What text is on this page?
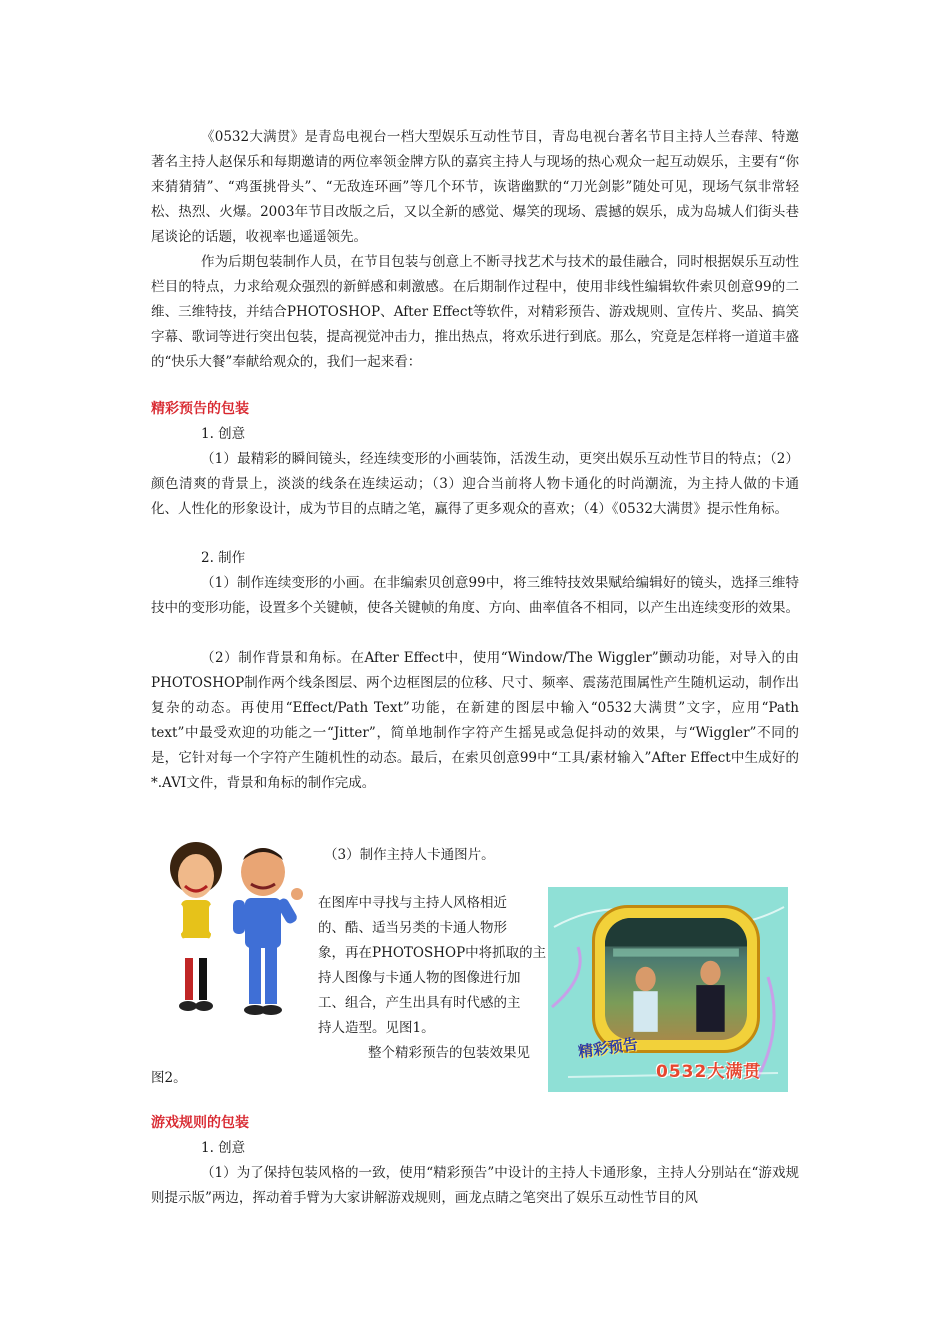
《0532大满贯》是青岛电视台一档大型娱乐互动性节目，青岛电视台著名节目主持人兰春萍、特邀著名主持人赵保乐和每期邀请的两位率领金牌方队的嘉宾主持人与现场的热心观众一起互动娱乐，主要有“你来猜猜猜”、“鸡蛋挑骨头”、“无敌连环画”等几个环节，诙谐幽默的“刀光剑影”随处可见，现场气氛非常轻松、热烈、火爆。2003年节目改版之后，又以全新的感觉、爆笑的现场、震撼的娱乐，成为岛城人们街头巷尾谈论的话题，收视率也遥遥领先。

作为后期包装制作人员，在节目包装与创意上不断寻找艺术与技术的最佳融合，同时根据娱乐互动性栏目的特点，力求给观众强烈的新鲜感和刺激感。在后期制作过程中，使用非线性编辑软件索贝创意99的二维、三维特技，并结合PHOTOSHOP、After Effect等软件，对精彩预告、游戏规则、宣传片、奖品、搞笑字幕、歌词等进行突出包装，提高视觉冲击力，推出热点，将欢乐进行到底。那么，究竟是怎样将一道道丰盛的“快乐大餐”奉献给观众的，我们一起来看：

精彩预告的包装

1. 创意

（1）最精彩的瞬间镜头，经连续变形的小画装饰，活泼生动，更突出娱乐互动性节目的特点；（2）颜色清爽的背景上，淡淡的线条在连续运动；（3）迎合当前将人物卡通化的时尚潮流，为主持人做的卡通化、人性化的形象设计，成为节目的点睛之笔，赢得了更多观众的喜欢；（4）《0532大满贯》提示性角标。

2. 制作

（1）制作连续变形的小画。在非编索贝创意99中，将三维特技效果赋给编辑好的镜头，选择三维特技中的变形功能，设置多个关键帧，使各关键帧的角度、方向、曲率值各不相同，以产生出连续变形的效果。

（2）制作背景和角标。在After Effect中，使用“Window/The Wiggler”颤动功能，对导入的由PHOTOSHOP制作两个线条图层、两个边框图层的位移、尺寸、频率、震荡范围属性产生随机运动，制作出复杂的动态。再使用“Effect/Path Text”功能，在新建的图层中输入“0532大满贯”文字，应用“Path text”中最受欢迎的功能之一“Jitter”，简单地制作字符产生摇晃或急促抖动的效果，与“Wiggler”不同的是，它针对每一个字符产生随机性的动态。最后，在索贝创意99中“工具/素材输入”After Effect中生成好的*.AVI文件，背景和角标的制作完成。

（3）制作主持人卡通图片。

在图库中寻找与主持人风格相近

的、酷、适当另类的卡通人物形

象，再在PHOTOSHOP中将抓取的主

持人图像与卡通人物的图像进行加

工、组合，产生出具有时代感的主

持人造型。见图1。

整个精彩预告的包装效果见

图2。

精彩预告
0532大满贯

游戏规则的包装

1. 创意

（1）为了保持包装风格的一致，使用“精彩预告”中设计的主持人卡通形象，主持人分别站在“游戏规则提示版”两边，挥动着手臂为大家讲解游戏规则，画龙点睛之笔突出了娱乐互动性节目的风
